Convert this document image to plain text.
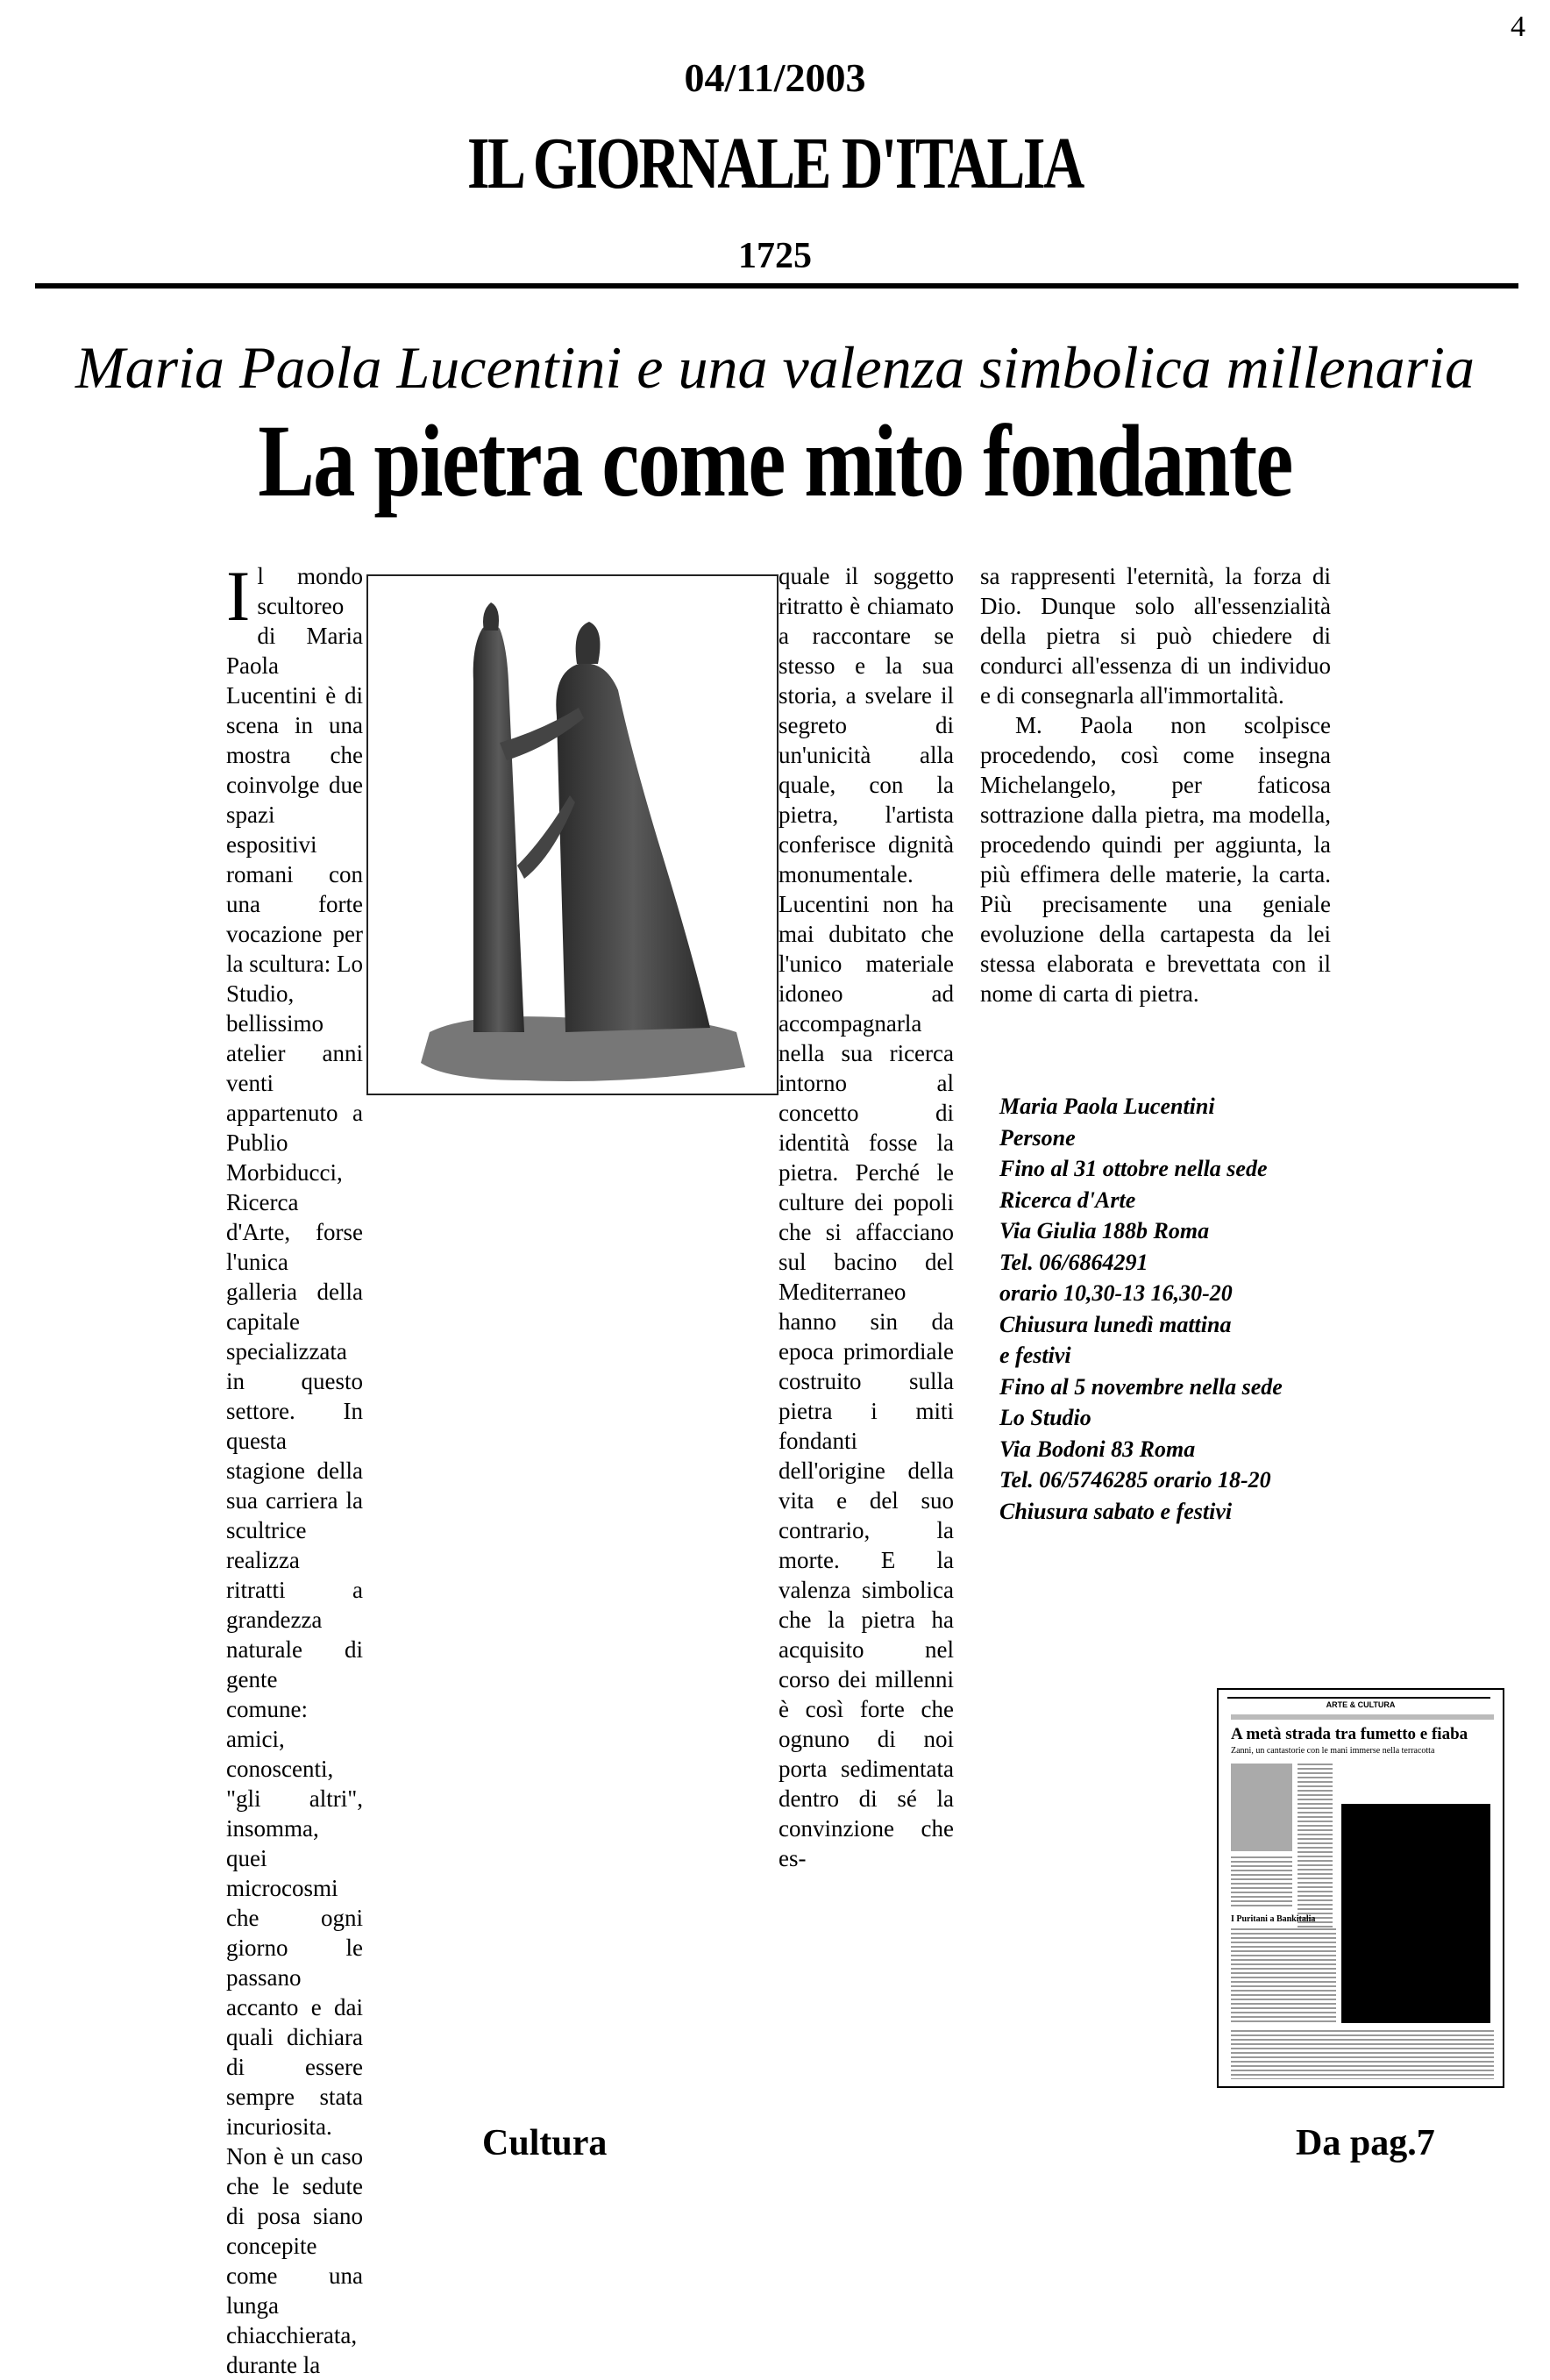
4
04/11/2003
IL GIORNALE D'ITALIA
1725
Maria Paola Lucentini e una valenza simbolica millenaria
La pietra come mito fondante
I l mondo scultoreo di Maria Paola Lucentini è di scena in una mostra che coinvolge due spazi espositivi romani con una forte vocazione per la scultura: Lo Studio, bellissimo atelier anni venti appartenuto a Publio Morbiducci, Ricerca d'Arte, forse l'unica galleria della capitale specializzata in questo settore. In questa stagione della sua carriera la scultrice realizza ritratti a grandezza naturale di gente comune: amici, conoscenti, "gli altri", insomma, quei microcosmi che ogni giorno le passano accanto e dai quali dichiara di essere sempre stata incuriosita. Non è un caso che le sedute di posa siano concepite come una lunga chiacchierata, durante la

quale il soggetto ritratto è chiamato a raccontare se stesso e la sua storia, a svelare il segreto di un'unicità alla quale, con la pietra, l'artista conferisce dignità monumentale. Lucentini non ha mai dubitato che l'unico materiale idoneo ad accompagnarla nella sua ricerca intorno al concetto di identità fosse la pietra. Perché le culture dei popoli che si affacciano sul bacino del Mediterraneo hanno sin da epoca primordiale costruito sulla pietra i miti fondanti dell'origine della vita e del suo contrario, la morte. E la valenza simbolica che la pietra ha acquisito nel corso dei millenni è così forte che ognuno di noi porta sedimentata dentro di sé la convinzione che es-

sa rappresenti l'eternità, la forza di Dio. Dunque solo all'essenzialità della pietra si può chiedere di condurci all'essenza di un individuo e di consegnarla all'immortalità.

M. Paola non scolpisce procedendo, così come insegna Michelangelo, per faticosa sottrazione dalla pietra, ma modella, procedendo quindi per aggiunta, la più effimera delle materie, la carta. Più precisamente una geniale evoluzione della cartapesta da lei stessa elaborata e brevettata con il nome di carta di pietra.

Maria Paola Lucentini
Persone
Fino al 31 ottobre nella sede
Ricerca d'Arte
Via Giulia 188b Roma
Tel. 06/6864291
orario 10,30-13 16,30-20
Chiusura lunedì mattina
e festivi
Fino al 5 novembre nella sede
Lo Studio
Via Bodoni 83 Roma
Tel. 06/5746285 orario 18-20
Chiusura sabato e festivi
ARTE & CULTURA
A metà strada tra fumetto e fiaba
Zanni, un cantastorie con le mani immerse nella terracotta
I Puritani a Bankitalia
Cultura	Da pag.7
